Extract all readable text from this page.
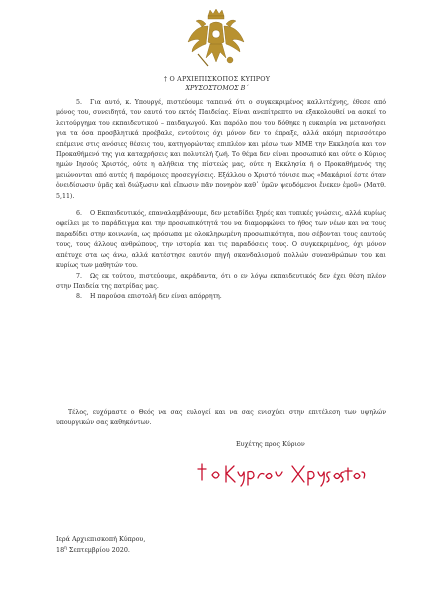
† Ο ΑΡΧΙΕΠΙΣΚΟΠΟΣ ΚΥΠΡΟΥ
ΧΡΥΣΟΣΤΟΜΟΣ Β΄

5. Για αυτό, κ. Υπουργέ, πιστεύουμε ταπεινά ότι ο συγκεκριμένος καλλιτέχνης, έθεσε από μόνος του, συνειδητά, τον εαυτό του εκτός Παιδείας. Είναι ανεπίτρεπτο να εξακολουθεί να ασκεί το λειτούργημα του εκπαιδευτικού – παιδαγωγού. Και παρόλο που του δόθηκε η ευκαιρία να μετανοήσει για τα όσα προσβλητικά προέβαλε, εντούτοις όχι μόνον δεν το έπραξε, αλλά ακόμη περισσότερο επέμεινε στις ανόσιες θέσεις του, κατηγορώντας επιπλέον και μέσω των ΜΜΕ την Εκκλησία και τον Προκαθήμενό της για καταχρήσεις και πολυτελή ζωή. Το θέμα δεν είναι προσωπικό και ούτε ο Κύριος ημών Ιησούς Χριστός, ούτε η αλήθεια της πίστεώς μας, ούτε η Εκκλησία ή ο Προκαθήμενός της μειώνονται από αυτές ή παρόμοιες προσεγγίσεις. Εξάλλου ο Χριστό τόνισε πως «Μακάριοί έστε όταν ὀνειδίσωσιν ὑμᾶς καὶ διώξωσιν καὶ εἴπωσιν πᾶν πονηρὸν καθ᾽ ὑμῶν ψευδόμενοι ἕνεκεν ἐμοῦ» (Ματθ. 5,11).

6. Ο Εκπαιδευτικός, επαναλαμβάνουμε, δεν μεταδίδει ξηρές και τυπικές γνώσεις, αλλά κυρίως οφείλει με το παράδειγμα και την προσωπικότητά του να διαμορφώνει το ήθος των νέων και να τους παραδίδει στην κοινωνία, ως πρόσωπα με ολοκληρωμένη προσωπικότητα, που σέβονται τους εαυτούς τους, τους άλλους ανθρώπους, την ιστορία και τις παραδόσεις τους. Ο συγκεκριμένος, όχι μόνον απέτυχε στα ως άνω, αλλά κατέστησε εαυτόν πηγή σκανδαλισμού πολλών συνανθρώπων του και κυρίως των μαθητών του.

7. Ως εκ τούτου, πιστεύουμε, ακράδαντα, ότι ο εν λόγω εκπαιδευτικός δεν έχει θέση πλέον στην Παιδεία της πατρίδας μας.

8. Η παρούσα επιστολή δεν είναι απόρρητη.

Τέλος, ευχόμαστε ο Θεός να σας ευλογεί και να σας ενισχύει στην επιτέλεση των υψηλών υπουργικών σας καθηκόντων.

Ευχέτης προς Κύριον
Ιερά Αρχιεπισκοπή Κύπρου,
$18^\eta$ Σεπτεμβρίου 2020.
